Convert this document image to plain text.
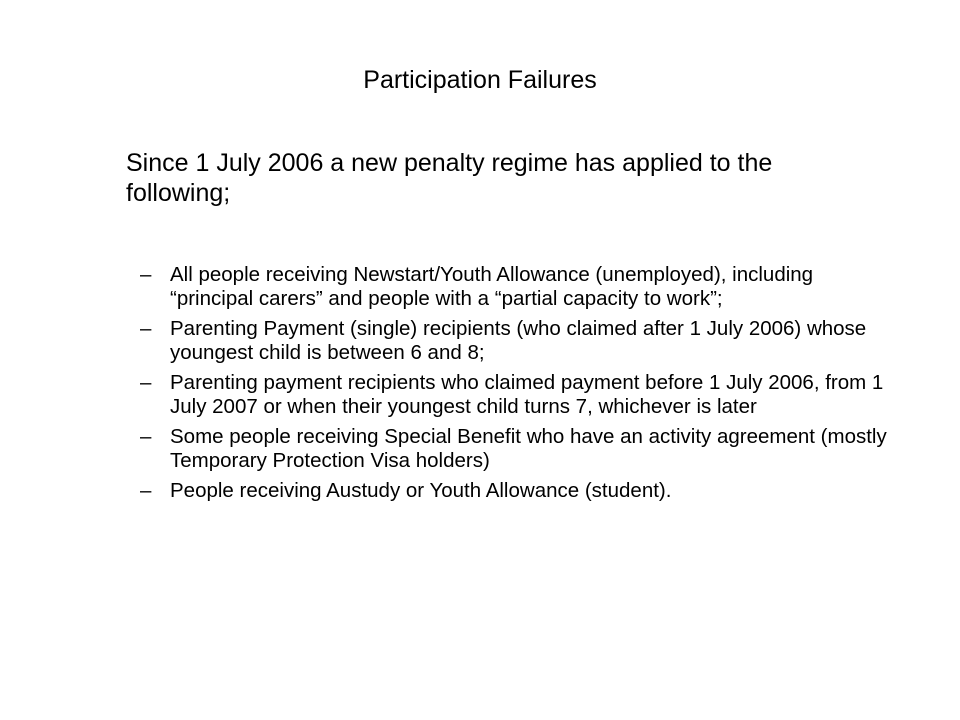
Participation Failures

Since 1 July 2006 a new penalty regime has applied to the following;

– All people receiving Newstart/Youth Allowance (unemployed), including “principal carers” and people with a “partial capacity to work”;
– Parenting Payment (single) recipients (who claimed after 1 July 2006) whose youngest child is between 6 and 8;
– Parenting payment recipients who claimed payment before 1 July 2006, from 1 July 2007 or when their youngest child turns 7, whichever is later
– Some people receiving Special Benefit who have an activity agreement (mostly Temporary Protection Visa holders)
– People receiving Austudy or Youth Allowance (student).
